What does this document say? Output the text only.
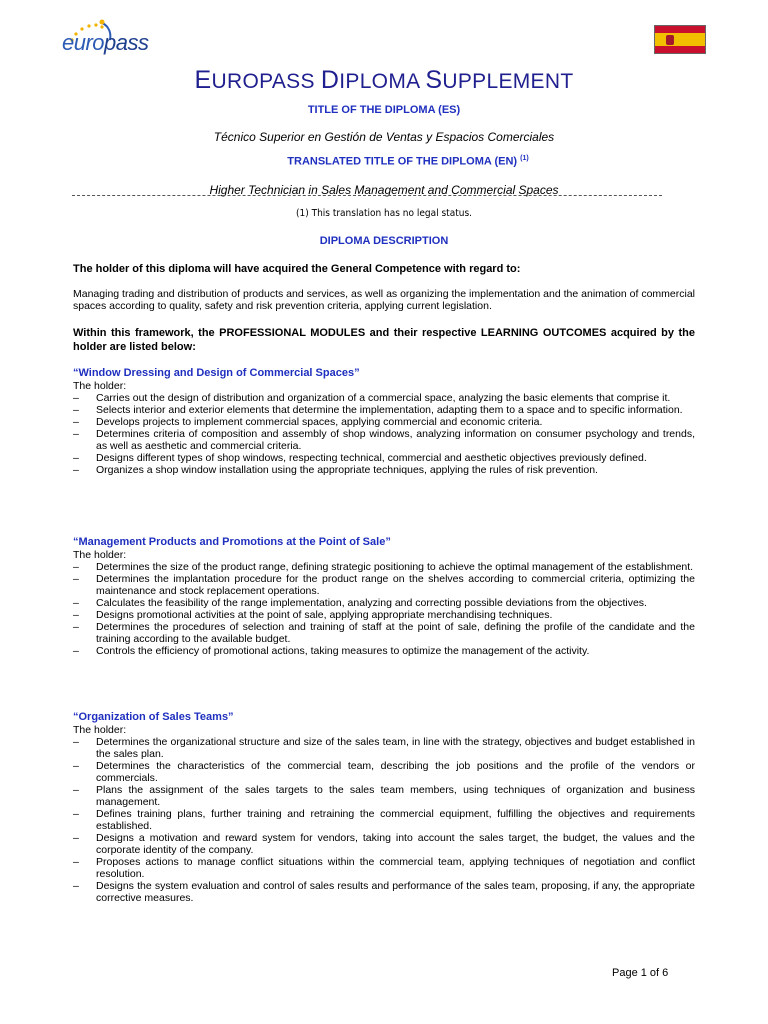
europass
EUROPASS DIPLOMA SUPPLEMENT
TITLE OF THE DIPLOMA (ES)
Técnico Superior en Gestión de Ventas y Espacios Comerciales
TRANSLATED TITLE OF THE DIPLOMA (EN) $^{(1)}$
Higher Technician in Sales Management and Commercial Spaces
(1) This translation has no legal status.
DIPLOMA DESCRIPTION
The holder of this diploma will have acquired the General Competence with regard to:
Managing trading and distribution of products and services, as well as organizing the implementation and the animation of commercial spaces according to quality, safety and risk prevention criteria, applying current legislation.
Within this framework, the PROFESSIONAL MODULES and their respective LEARNING OUTCOMES acquired by the holder are listed below:
“Window Dressing and Design of Commercial Spaces”
The holder:
– Carries out the design of distribution and organization of a commercial space, analyzing the basic elements that comprise it.
– Selects interior and exterior elements that determine the implementation, adapting them to a space and to specific information.
– Develops projects to implement commercial spaces, applying commercial and economic criteria.
– Determines criteria of composition and assembly of shop windows, analyzing information on consumer psychology and trends, as well as aesthetic and commercial criteria.
– Designs different types of shop windows, respecting technical, commercial and aesthetic objectives previously defined.
– Organizes a shop window installation using the appropriate techniques, applying the rules of risk prevention.
“Management Products and Promotions at the Point of Sale”
The holder:
– Determines the size of the product range, defining strategic positioning to achieve the optimal management of the establishment.
– Determines the implantation procedure for the product range on the shelves according to commercial criteria, optimizing the maintenance and stock replacement operations.
– Calculates the feasibility of the range implementation, analyzing and correcting possible deviations from the objectives.
– Designs promotional activities at the point of sale, applying appropriate merchandising techniques.
– Determines the procedures of selection and training of staff at the point of sale, defining the profile of the candidate and the training according to the available budget.
– Controls the efficiency of promotional actions, taking measures to optimize the management of the activity.
“Organization of Sales Teams”
The holder:
– Determines the organizational structure and size of the sales team, in line with the strategy, objectives and budget established in the sales plan.
– Determines the characteristics of the commercial team, describing the job positions and the profile of the vendors or commercials.
– Plans the assignment of the sales targets to the sales team members, using techniques of organization and business management.
– Defines training plans, further training and retraining the commercial equipment, fulfilling the objectives and requirements established.
– Designs a motivation and reward system for vendors, taking into account the sales target, the budget, the values and the corporate identity of the company.
– Proposes actions to manage conflict situations within the commercial team, applying techniques of negotiation and conflict resolution.
– Designs the system evaluation and control of sales results and performance of the sales team, proposing, if any, the appropriate corrective measures.
Page 1 of 6
